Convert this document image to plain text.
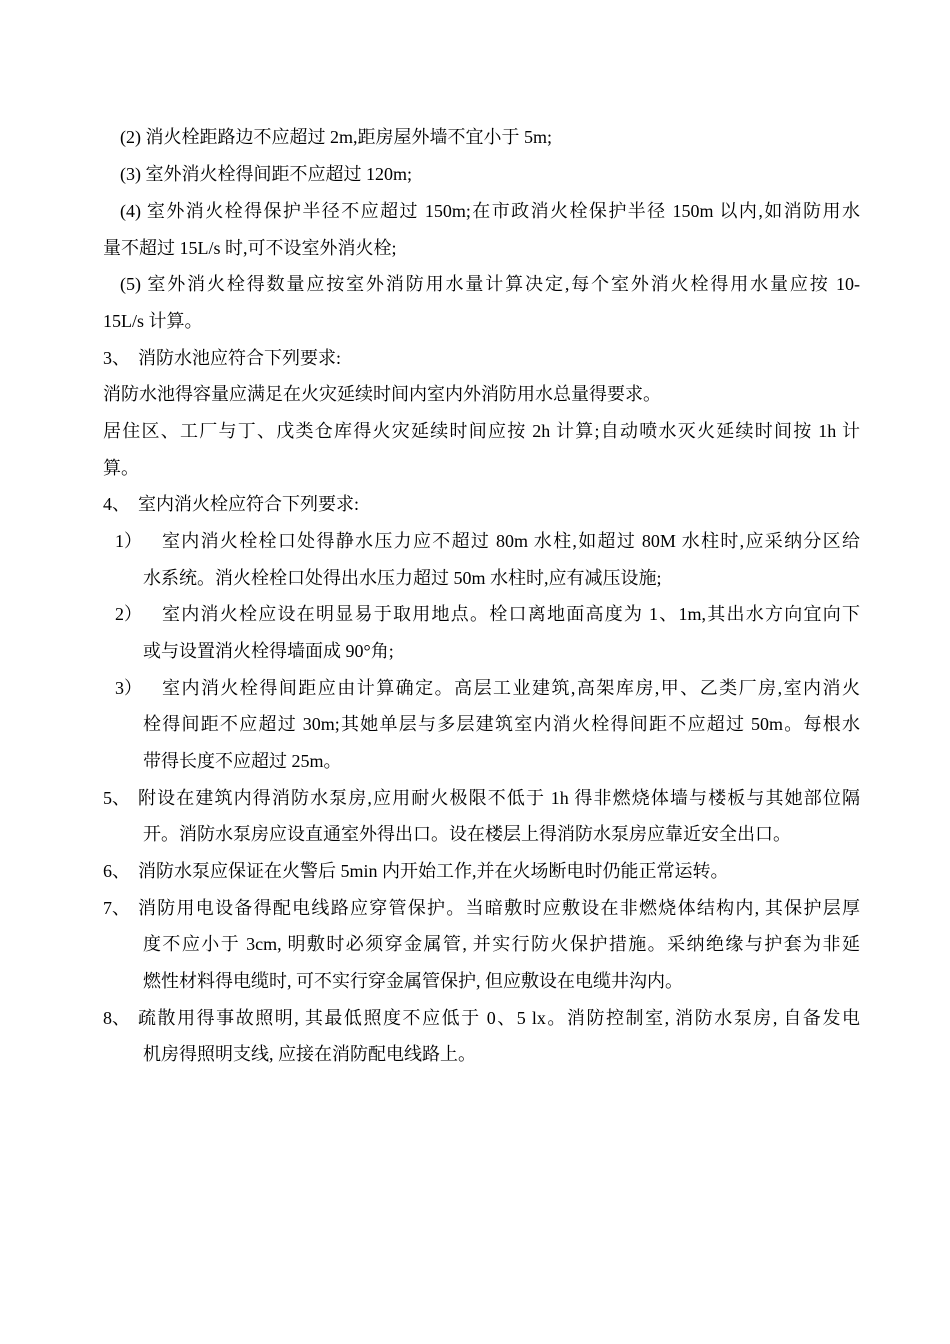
(2) 消火栓距路边不应超过 2m,距房屋外墙不宜小于 5m;
(3) 室外消火栓得间距不应超过 120m;
(4) 室外消火栓得保护半径不应超过 150m;在市政消火栓保护半径 150m 以内,如消防用水
量不超过 15L/s 时,可不设室外消火栓;
(5) 室外消火栓得数量应按室外消防用水量计算决定,每个室外消火栓得用水量应按 10-
15L/s 计算。
3、 消防水池应符合下列要求:
消防水池得容量应满足在火灾延续时间内室内外消防用水总量得要求。
居住区、工厂与丁、戊类仓库得火灾延续时间应按 2h 计算;自动喷水灭火延续时间按 1h 计
算。
4、 室内消火栓应符合下列要求:
1） 室内消火栓栓口处得静水压力应不超过 80m 水柱,如超过 80M 水柱时,应采纳分区给
水系统。消火栓栓口处得出水压力超过 50m 水柱时,应有减压设施;
2） 室内消火栓应设在明显易于取用地点。栓口离地面高度为 1、1m,其出水方向宜向下
或与设置消火栓得墙面成 90°角;
3） 室内消火栓得间距应由计算确定。高层工业建筑,高架库房,甲、乙类厂房,室内消火
栓得间距不应超过 30m;其她单层与多层建筑室内消火栓得间距不应超过 50m。每根水
带得长度不应超过 25m。
5、 附设在建筑内得消防水泵房,应用耐火极限不低于 1h 得非燃烧体墙与楼板与其她部位隔
开。消防水泵房应设直通室外得出口。设在楼层上得消防水泵房应靠近安全出口。
6、 消防水泵应保证在火警后 5min 内开始工作,并在火场断电时仍能正常运转。
7、 消防用电设备得配电线路应穿管保护。当暗敷时应敷设在非燃烧体结构内, 其保护层厚
度不应小于 3cm, 明敷时必须穿金属管, 并实行防火保护措施。采纳绝缘与护套为非延
燃性材料得电缆时, 可不实行穿金属管保护, 但应敷设在电缆井沟内。
8、 疏散用得事故照明, 其最低照度不应低于 0、5 lx。消防控制室, 消防水泵房, 自备发电
机房得照明支线, 应接在消防配电线路上。
